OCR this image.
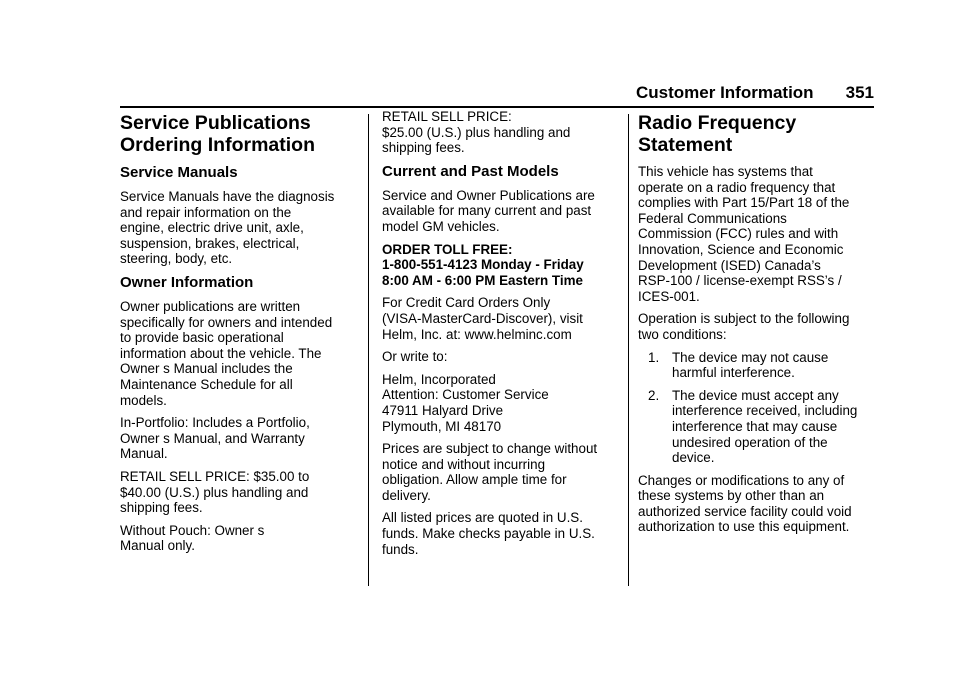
Customer Information 351
Service Publications
Ordering Information
Service Manuals

Service Manuals have the diagnosis
and repair information on the
engine, electric drive unit, axle,
suspension, brakes, electrical,
steering, body, etc.

Owner Information

Owner publications are written
specifically for owners and intended
to provide basic operational
information about the vehicle. The
Owner s Manual includes the
Maintenance Schedule for all
models.

In-Portfolio: Includes a Portfolio,
Owner s Manual, and Warranty
Manual.

RETAIL SELL PRICE: $35.00 to
$40.00 (U.S.) plus handling and
shipping fees.

Without Pouch: Owner s
Manual only.

RETAIL SELL PRICE:
$25.00 (U.S.) plus handling and
shipping fees.

Current and Past Models

Service and Owner Publications are
available for many current and past
model GM vehicles.

ORDER TOLL FREE:
1-800-551-4123 Monday - Friday
8:00 AM - 6:00 PM Eastern Time

For Credit Card Orders Only
(VISA-MasterCard-Discover), visit
Helm, Inc. at: www.helminc.com

Or write to:

Helm, Incorporated
Attention: Customer Service
47911 Halyard Drive
Plymouth, MI 48170

Prices are subject to change without
notice and without incurring
obligation. Allow ample time for
delivery.

All listed prices are quoted in U.S.
funds. Make checks payable in U.S.
funds.

Radio Frequency
Statement

This vehicle has systems that
operate on a radio frequency that
complies with Part 15/Part 18 of the
Federal Communications
Commission (FCC) rules and with
Innovation, Science and Economic
Development (ISED) Canada’s
RSP-100 / license-exempt RSS’s /
ICES-001.

Operation is subject to the following
two conditions:

1. The device may not cause
harmful interference.
2. The device must accept any
interference received, including
interference that may cause
undesired operation of the
device.

Changes or modifications to any of
these systems by other than an
authorized service facility could void
authorization to use this equipment.
